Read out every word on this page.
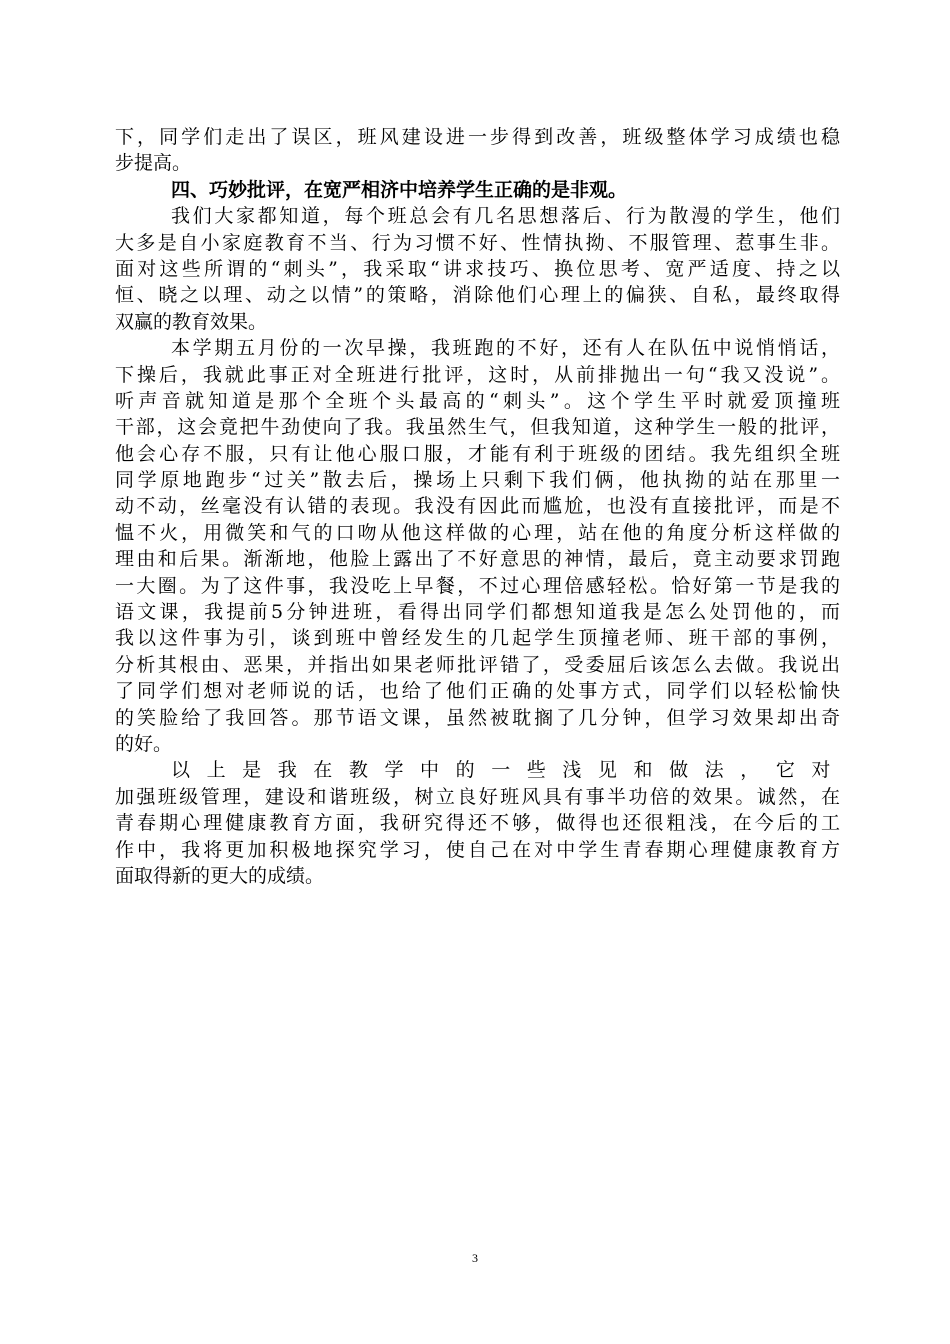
下，同学们走出了误区，班风建设进一步得到改善，班级整体学习成绩也稳
步提高。
四、巧妙批评，在宽严相济中培养学生正确的是非观。
我们大家都知道，每个班总会有几名思想落后、行为散漫的学生，他们
大多是自小家庭教育不当、行为习惯不好、性情执拗、不服管理、惹事生非。
面对这些所谓的“刺头”，我采取“讲求技巧、换位思考、宽严适度、持之以
恒、晓之以理、动之以情”的策略，消除他们心理上的偏狭、自私，最终取得
双赢的教育效果。
本学期五月份的一次早操，我班跑的不好，还有人在队伍中说悄悄话，
下操后，我就此事正对全班进行批评，这时，从前排抛出一句“我又没说”。
听声音就知道是那个全班个头最高的“刺头”。这个学生平时就爱顶撞班
干部，这会竟把牛劲使向了我。我虽然生气，但我知道，这种学生一般的批评，
他会心存不服，只有让他心服口服，才能有利于班级的团结。我先组织全班
同学原地跑步“过关”散去后，操场上只剩下我们俩，他执拗的站在那里一
动不动，丝毫没有认错的表现。我没有因此而尴尬，也没有直接批评，而是不
愠不火，用微笑和气的口吻从他这样做的心理，站在他的角度分析这样做的
理由和后果。渐渐地，他脸上露出了不好意思的神情，最后，竟主动要求罚跑
一大圈。为了这件事，我没吃上早餐，不过心理倍感轻松。恰好第一节是我的
语文课，我提前5分钟进班，看得出同学们都想知道我是怎么处罚他的，而
我以这件事为引，谈到班中曾经发生的几起学生顶撞老师、班干部的事例，
分析其根由、恶果，并指出如果老师批评错了，受委屈后该怎么去做。我说出
了同学们想对老师说的话，也给了他们正确的处事方式，同学们以轻松愉快
的笑脸给了我回答。那节语文课，虽然被耽搁了几分钟，但学习效果却出奇
的好。
以上是我在教学中的一些浅见和做法，它对
加强班级管理，建设和谐班级，树立良好班风具有事半功倍的效果。诚然，在
青春期心理健康教育方面，我研究得还不够，做得也还很粗浅，在今后的工
作中，我将更加积极地探究学习，使自己在对中学生青春期心理健康教育方
面取得新的更大的成绩。
3
